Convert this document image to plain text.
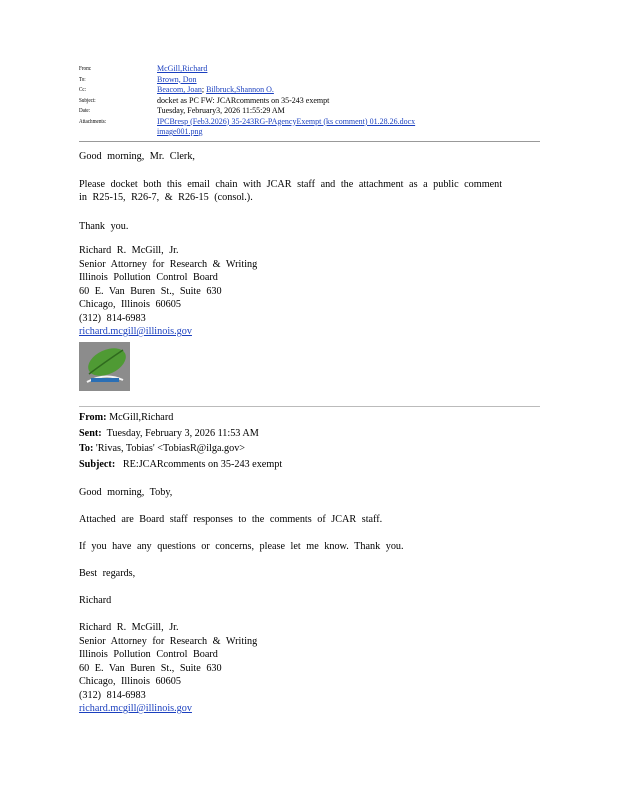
From:	McGill,Richard
To:	Brown, Don
Cc:	Beacom, Joan; Bilbruck,Shannon O.
Subject:	docket as PC FW: JCARcomments on 35-243 exempt
Date:	Tuesday, February3, 2026 11:55:29 AM
Attachments:	IPCBresp (Feb3.2026) 35-243RG-PAgencyExempt (ks comment) 01.28.26.docx
image001.png
Good morning, Mr. Clerk,
Please docket both this email chain with JCAR staff and the attachment as a public comment
in R25-15, R26-7, & R26-15 (consol.).
Thank you.
Richard R. McGill, Jr.
Senior Attorney for Research & Writing
Illinois Pollution Control Board
60 E. Van Buren St., Suite 630
Chicago, Illinois 60605
(312) 814-6983
richard.mcgill@illinois.gov
From: McGill,Richard
Sent: Tuesday, February 3, 2026 11:53 AM
To: 'Rivas, Tobias' <TobiasR@ilga.gov>
Subject: RE:JCARcomments on 35-243 exempt
Good morning, Toby,
Attached are Board staff responses to the comments of JCAR staff.
If you have any questions or concerns, please let me know. Thank you.
Best regards,
Richard
Richard R. McGill, Jr.
Senior Attorney for Research & Writing
Illinois Pollution Control Board
60 E. Van Buren St., Suite 630
Chicago, Illinois 60605
(312) 814-6983
richard.mcgill@illinois.gov
